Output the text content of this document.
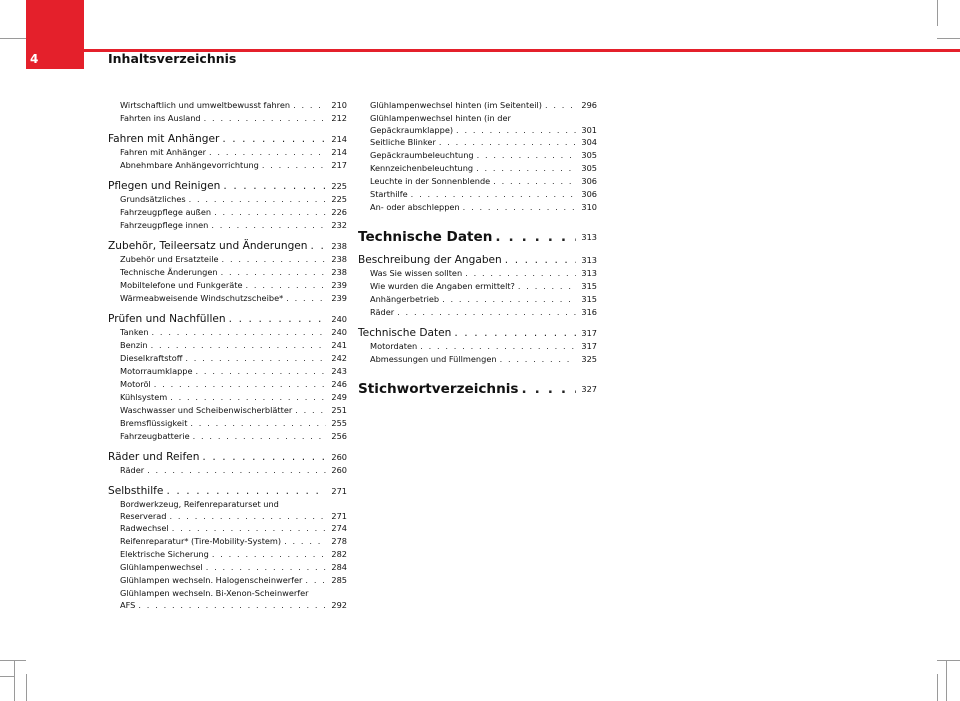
4	Inhaltsverzeichnis
Wirtschaftlich und umweltbewusst fahren . . .	210
Fahrten ins Ausland . . .	212
Fahren mit Anhänger . . .	214
Fahren mit Anhänger . . .	214
Abnehmbare Anhängevorrichtung . . .	217
Pflegen und Reinigen . . .	225
Grundsätzliches . . .	225
Fahrzeugpflege außen . . .	226
Fahrzeugpflege innen . . .	232
Zubehör, Teileersatz und Änderungen . . .	238
Zubehör und Ersatzteile . . .	238
Technische Änderungen . . .	238
Mobiltelefone und Funkgeräte . . .	239
Wärmeabweisende Windschutzscheibe* . . .	239
Prüfen und Nachfüllen . . .	240
Tanken . . .	240
Benzin . . .	241
Dieselkraftstoff . . .	242
Motorraumklappe . . .	243
Motoröl . . .	246
Kühlsystem . . .	249
Waschwasser und Scheibenwischerblätter . . .	251
Bremsflüssigkeit . . .	255
Fahrzeugbatterie . . .	256
Räder und Reifen . . .	260
Räder . . .	260
Selbsthilfe . . .	271
Bordwerkzeug, Reifenreparaturset und
Reserverad . . .	271
Radwechsel . . .	274
Reifenreparatur* (Tire-Mobility-System) . . .	278
Elektrische Sicherung . . .	282
Glühlampenwechsel . . .	284
Glühlampen wechseln. Halogenscheinwerfer . . .	285
Glühlampen wechseln. Bi-Xenon-Scheinwerfer
AFS . . .	292
Glühlampenwechsel hinten (im Seitenteil) . . .	296
Glühlampenwechsel hinten (in der
Gepäckraumklappe) . . .	301
Seitliche Blinker . . .	304
Gepäckraumbeleuchtung . . .	305
Kennzeichenbeleuchtung . . .	305
Leuchte in der Sonnenblende . . .	306
Starthilfe . . .	306
An- oder abschleppen . . .	310
Technische Daten . . .	313
Beschreibung der Angaben . . .	313
Was Sie wissen sollten . . .	313
Wie wurden die Angaben ermittelt? . . .	315
Anhängerbetrieb . . .	315
Räder . . .	316
Technische Daten . . .	317
Motordaten . . .	317
Abmessungen und Füllmengen . . .	325
Stichwortverzeichnis . . .	327
